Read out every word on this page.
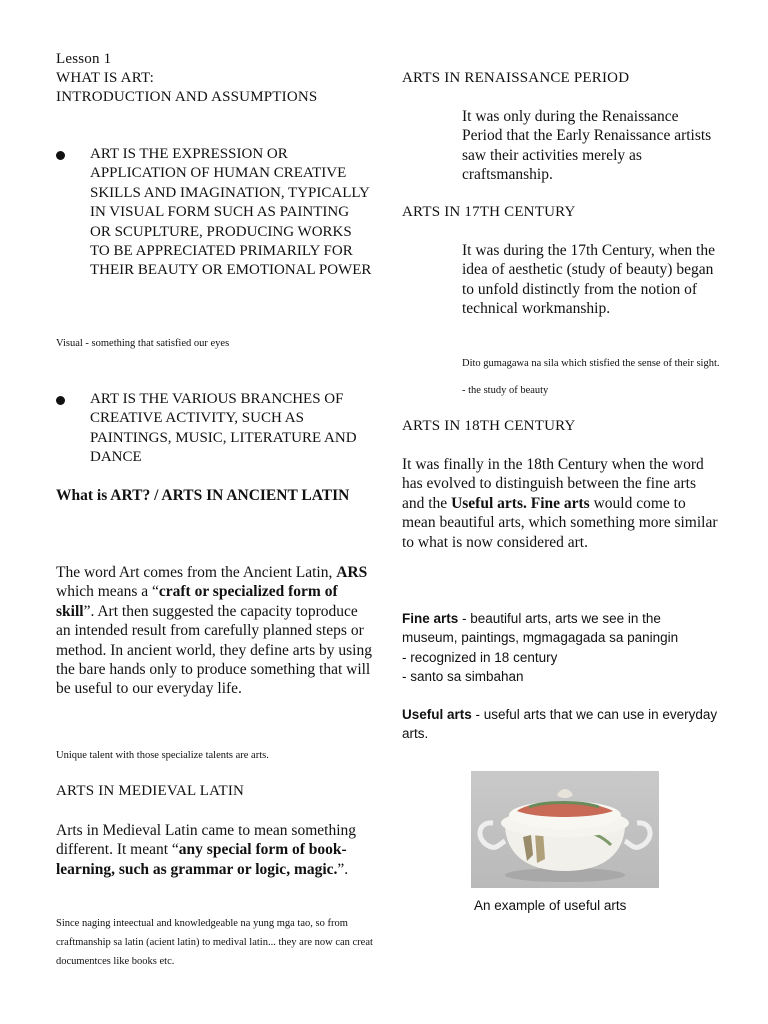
Lesson 1
WHAT IS ART:
INTRODUCTION AND ASSUMPTIONS
ART IS THE EXPRESSION OR APPLICATION OF HUMAN CREATIVE SKILLS AND IMAGINATION, TYPICALLY IN VISUAL FORM SUCH AS PAINTING OR SCUPLTURE, PRODUCING WORKS TO BE APPRECIATED PRIMARILY FOR THEIR BEAUTY OR EMOTIONAL POWER
Visual - something that satisfied our eyes
ART IS THE VARIOUS BRANCHES OF CREATIVE ACTIVITY, SUCH AS PAINTINGS, MUSIC, LITERATURE AND DANCE
What is ART? / ARTS IN ANCIENT LATIN
The word Art comes from the Ancient Latin, ARS which means a “craft or specialized form of skill”. Art then suggested the capacity toproduce an intended result from carefully planned steps or method. In ancient world, they define arts by using the bare hands only to produce something that will be useful to our everyday life.
Unique talent with those specialize talents are arts.
ARTS IN MEDIEVAL LATIN
Arts in Medieval Latin came to mean something different. It meant “any special form of book-learning, such as grammar or logic, magic.”.
Since naging inteectual and knowledgeable na yung mga tao, so from craftmanship sa latin (acient latin) to medival latin... they are now can creat documentces like books etc.
ARTS IN RENAISSANCE PERIOD
It was only during the Renaissance Period that the Early Renaissance artists saw their activities merely as craftsmanship.
ARTS IN 17TH CENTURY
It was during the 17th Century, when the idea of aesthetic (study of beauty) began to unfold distinctly from the notion of technical workmanship.
Dito gumagawa na sila which stisfied the sense of their sight.
- the study of beauty
ARTS IN 18TH CENTURY
It was finally in the 18th Century when the word has evolved to distinguish between the fine arts and the Useful arts. Fine arts would come to mean beautiful arts, which something more similar to what is now considered art.
Fine arts - beautiful arts, arts we see in the museum, paintings, mgmagagada sa paningin
- recognized in 18 century
- santo sa simbahan
Useful arts - useful arts that we can use in everyday arts.
An example of useful arts
